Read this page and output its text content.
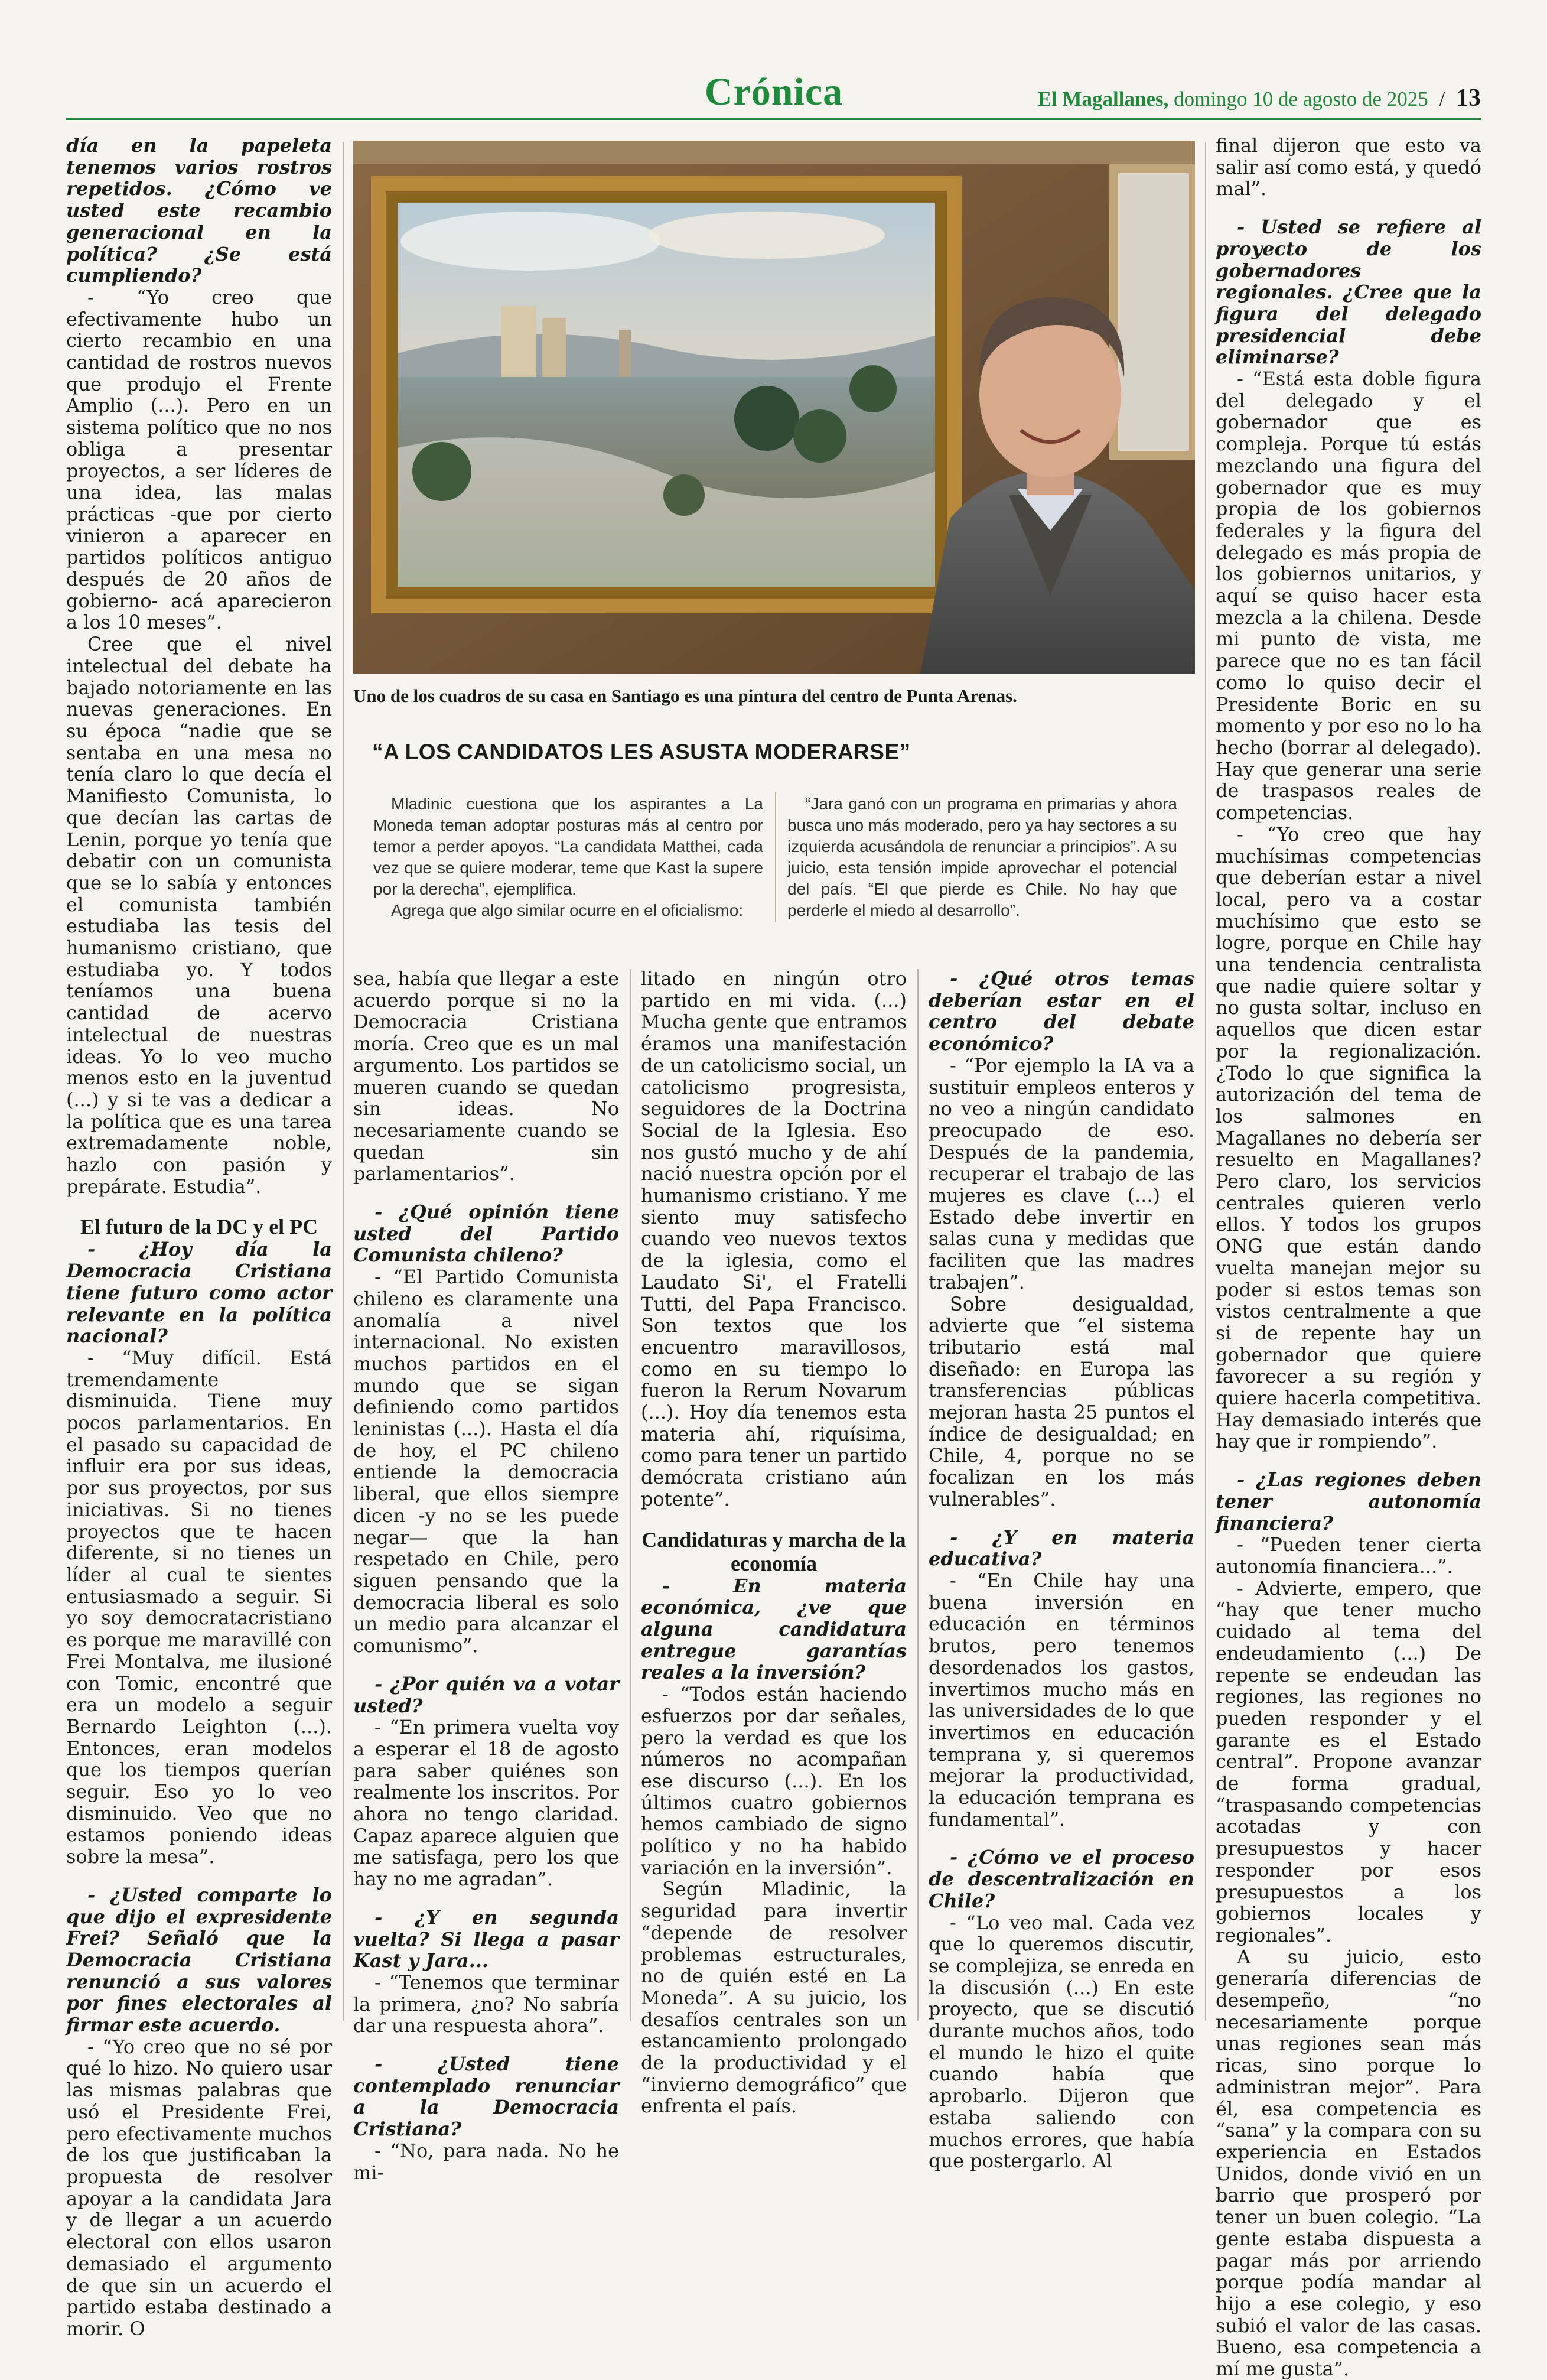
Crónica	El Magallanes, domingo 10 de agosto de 2025 / 13

día en la papeleta tenemos varios rostros repetidos. ¿Cómo ve usted este recambio generacional en la política? ¿Se está cumpliendo?

- “Yo creo que efectivamente hubo un cierto recambio en una cantidad de rostros nuevos que produjo el Frente Amplio (...). Pero en un sistema político que no nos obliga a presentar proyectos, a ser líderes de una idea, las malas prácticas -que por cierto vinieron a aparecer en partidos políticos antiguo después de 20 años de gobierno- acá aparecieron a los 10 meses”.

Cree que el nivel intelectual del debate ha bajado notoriamente en las nuevas generaciones. En su época “nadie que se sentaba en una mesa no tenía claro lo que decía el Manifiesto Comunista, lo que decían las cartas de Lenin, porque yo tenía que debatir con un comunista que se lo sabía y entonces el comunista también estudiaba las tesis del humanismo cristiano, que estudiaba yo. Y todos teníamos una buena cantidad de acervo intelectual de nuestras ideas. Yo lo veo mucho menos esto en la juventud (...) y si te vas a dedicar a la política que es una tarea extremadamente noble, hazlo con pasión y prepárate. Estudia”.

El futuro de la DC y el PC

- ¿Hoy día la Democracia Cristiana tiene futuro como actor relevante en la política nacional?

- “Muy difícil. Está tremendamente disminuida. Tiene muy pocos parlamentarios. En el pasado su capacidad de influir era por sus ideas, por sus proyectos, por sus iniciativas. Si no tienes proyectos que te hacen diferente, si no tienes un líder al cual te sientes entusiasmado a seguir. Si yo soy democratacristiano es porque me maravillé con Frei Montalva, me ilusioné con Tomic, encontré que era un modelo a seguir Bernardo Leighton (...). Entonces, eran modelos que los tiempos querían seguir. Eso yo lo veo disminuido. Veo que no estamos poniendo ideas sobre la mesa”.

- ¿Usted comparte lo que dijo el expresidente Frei? Señaló que la Democracia Cristiana renunció a sus valores por fines electorales al firmar este acuerdo.

- “Yo creo que no sé por qué lo hizo. No quiero usar las mismas palabras que usó el Presidente Frei, pero efectivamente muchos de los que justificaban la propuesta de resolver apoyar a la candidata Jara y de llegar a un acuerdo electoral con ellos usaron demasiado el argumento de que sin un acuerdo el partido estaba destinado a morir. O

Uno de los cuadros de su casa en Santiago es una pintura del centro de Punta Arenas.

“A LOS CANDIDATOS LES ASUSTA MODERARSE”

Mladinic cuestiona que los aspirantes a La Moneda teman adoptar posturas más al centro por temor a perder apoyos. “La candidata Matthei, cada vez que se quiere moderar, teme que Kast la supere por la derecha”, ejemplifica.

Agrega que algo similar ocurre en el oficialismo:

“Jara ganó con un programa en primarias y ahora busca uno más moderado, pero ya hay sectores a su izquierda acusándola de renunciar a principios”. A su juicio, esta tensión impide aprovechar el potencial del país. “El que pierde es Chile. No hay que perderle el miedo al desarrollo”.

sea, había que llegar a este acuerdo porque si no la Democracia Cristiana moría. Creo que es un mal argumento. Los partidos se mueren cuando se quedan sin ideas. No necesariamente cuando se quedan sin parlamentarios”.

- ¿Qué opinión tiene usted del Partido Comunista chileno?

- “El Partido Comunista chileno es claramente una anomalía a nivel internacional. No existen muchos partidos en el mundo que se sigan definiendo como partidos leninistas (...). Hasta el día de hoy, el PC chileno entiende la democracia liberal, que ellos siempre dicen -y no se les puede negar— que la han respetado en Chile, pero siguen pensando que la democracia liberal es solo un medio para alcanzar el comunismo”.

- ¿Por quién va a votar usted?

- “En primera vuelta voy a esperar el 18 de agosto para saber quiénes son realmente los inscritos. Por ahora no tengo claridad. Capaz aparece alguien que me satisfaga, pero los que hay no me agradan”.

- ¿Y en segunda vuelta? Si llega a pasar Kast y Jara...

- “Tenemos que terminar la primera, ¿no? No sabría dar una respuesta ahora”.

- ¿Usted tiene contemplado renunciar a la Democracia Cristiana?

- “No, para nada. No he mi-

litado en ningún otro partido en mi vida. (...) Mucha gente que entramos éramos una manifestación de un catolicismo social, un catolicismo progresista, seguidores de la Doctrina Social de la Iglesia. Eso nos gustó mucho y de ahí nació nuestra opción por el humanismo cristiano. Y me siento muy satisfecho cuando veo nuevos textos de la iglesia, como el Laudato Si', el Fratelli Tutti, del Papa Francisco. Son textos que los encuentro maravillosos, como en su tiempo lo fueron la Rerum Novarum (...). Hoy día tenemos esta materia ahí, riquísima, como para tener un partido demócrata cristiano aún potente”.

Candidaturas y marcha de la economía

- En materia económica, ¿ve que alguna candidatura entregue garantías reales a la inversión?

- “Todos están haciendo esfuerzos por dar señales, pero la verdad es que los números no acompañan ese discurso (...). En los últimos cuatro gobiernos hemos cambiado de signo político y no ha habido variación en la inversión”.

Según Mladinic, la seguridad para invertir “depende de resolver problemas estructurales, no de quién esté en La Moneda”. A su juicio, los desafíos centrales son un estancamiento prolongado de la productividad y el “invierno demográfico” que enfrenta el país.

- ¿Qué otros temas deberían estar en el centro del debate económico?

- “Por ejemplo la IA va a sustituir empleos enteros y no veo a ningún candidato preocupado de eso. Después de la pandemia, recuperar el trabajo de las mujeres es clave (...) el Estado debe invertir en salas cuna y medidas que faciliten que las madres trabajen”.

Sobre desigualdad, advierte que “el sistema tributario está mal diseñado: en Europa las transferencias públicas mejoran hasta 25 puntos el índice de desigualdad; en Chile, 4, porque no se focalizan en los más vulnerables”.

- ¿Y en materia educativa?

- “En Chile hay una buena inversión en educación en términos brutos, pero tenemos desordenados los gastos, invertimos mucho más en las universidades de lo que invertimos en educación temprana y, si queremos mejorar la productividad, la educación temprana es fundamental”.

- ¿Cómo ve el proceso de descentralización en Chile?

- “Lo veo mal. Cada vez que lo queremos discutir, se complejiza, se enreda en la discusión (...) En este proyecto, que se discutió durante muchos años, todo el mundo le hizo el quite cuando había que aprobarlo. Dijeron que estaba saliendo con muchos errores, que había que postergarlo. Al

final dijeron que esto va salir así como está, y quedó mal”.

- Usted se refiere al proyecto de los gobernadores regionales. ¿Cree que la figura del delegado presidencial debe eliminarse?

- “Está esta doble figura del delegado y el gobernador que es compleja. Porque tú estás mezclando una figura del gobernador que es muy propia de los gobiernos federales y la figura del delegado es más propia de los gobiernos unitarios, y aquí se quiso hacer esta mezcla a la chilena. Desde mi punto de vista, me parece que no es tan fácil como lo quiso decir el Presidente Boric en su momento y por eso no lo ha hecho (borrar al delegado). Hay que generar una serie de traspasos reales de competencias.

- “Yo creo que hay muchísimas competencias que deberían estar a nivel local, pero va a costar muchísimo que esto se logre, porque en Chile hay una tendencia centralista que nadie quiere soltar y no gusta soltar, incluso en aquellos que dicen estar por la regionalización. ¿Todo lo que significa la autorización del tema de los salmones en Magallanes no debería ser resuelto en Magallanes? Pero claro, los servicios centrales quieren verlo ellos. Y todos los grupos ONG que están dando vuelta manejan mejor su poder si estos temas son vistos centralmente a que si de repente hay un gobernador que quiere favorecer a su región y quiere hacerla competitiva. Hay demasiado interés que hay que ir rompiendo”.

- ¿Las regiones deben tener autonomía financiera?

- “Pueden tener cierta autonomía financiera...”.

- Advierte, empero, que “hay que tener mucho cuidado al tema del endeudamiento (...) De repente se endeudan las regiones, las regiones no pueden responder y el garante es el Estado central”. Propone avanzar de forma gradual, “traspasando competencias acotadas y con presupuestos y hacer responder por esos presupuestos a los gobiernos locales y regionales”.

A su juicio, esto generaría diferencias de desempeño, “no necesariamente porque unas regiones sean más ricas, sino porque lo administran mejor”. Para él, esa competencia es “sana” y la compara con su experiencia en Estados Unidos, donde vivió en un barrio que prosperó por tener un buen colegio. “La gente estaba dispuesta a pagar más por arriendo porque podía mandar al hijo a ese colegio, y eso subió el valor de las casas. Bueno, esa competencia a mí me gusta”.
